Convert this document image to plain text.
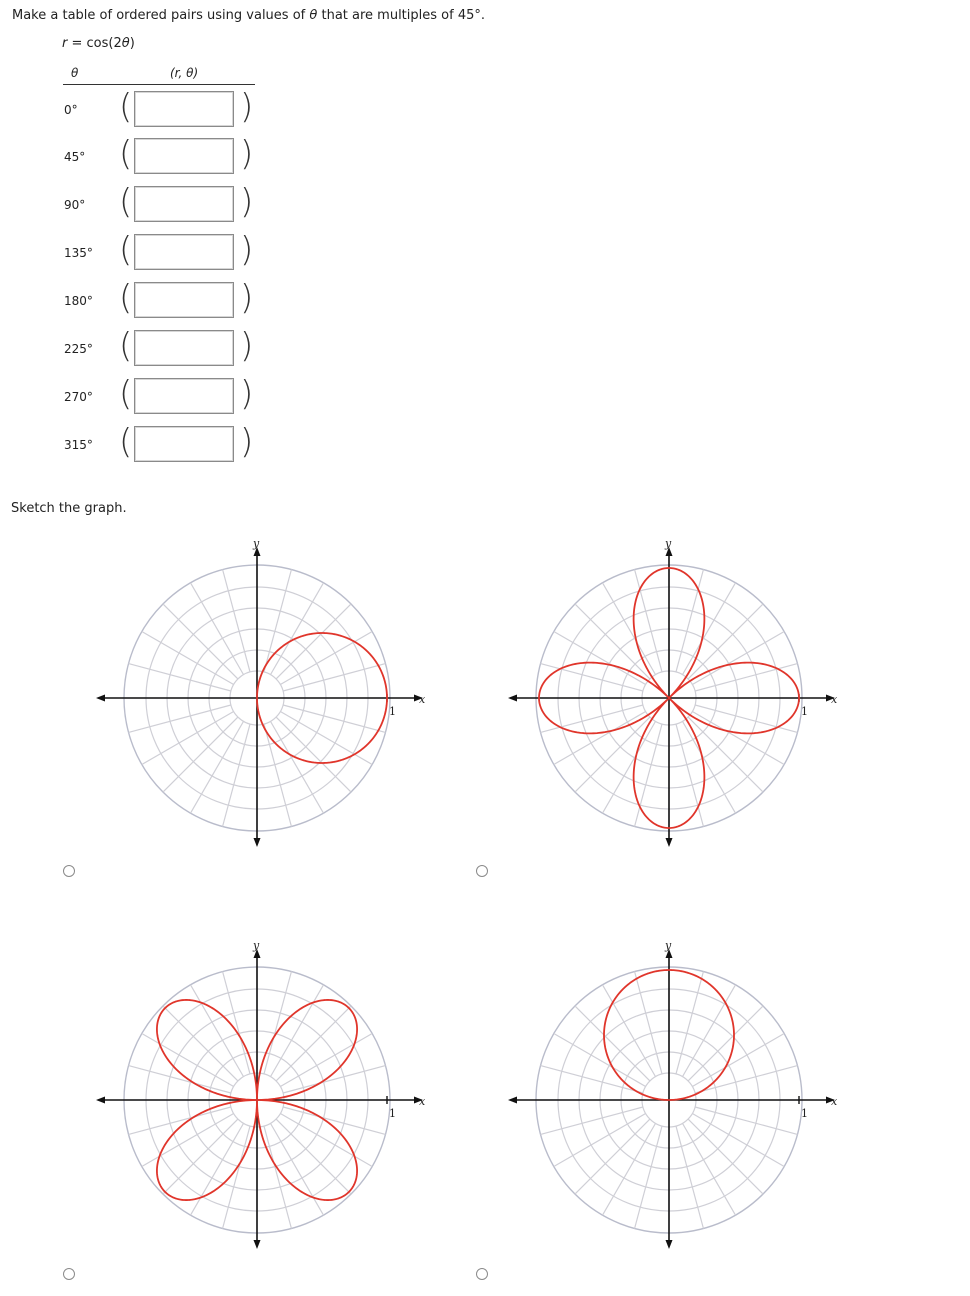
Make a table of ordered pairs using values of θ that are multiples of 45°.
r = cos(2θ)
θ	(r, θ)
0° (	)
45° (	)
90° (	)
135° (	)
180° (	)
225° (	)
270° (	)
315° (	)
Sketch the graph.
y
x
1
y
x
1
y
x
1
y
x
1
